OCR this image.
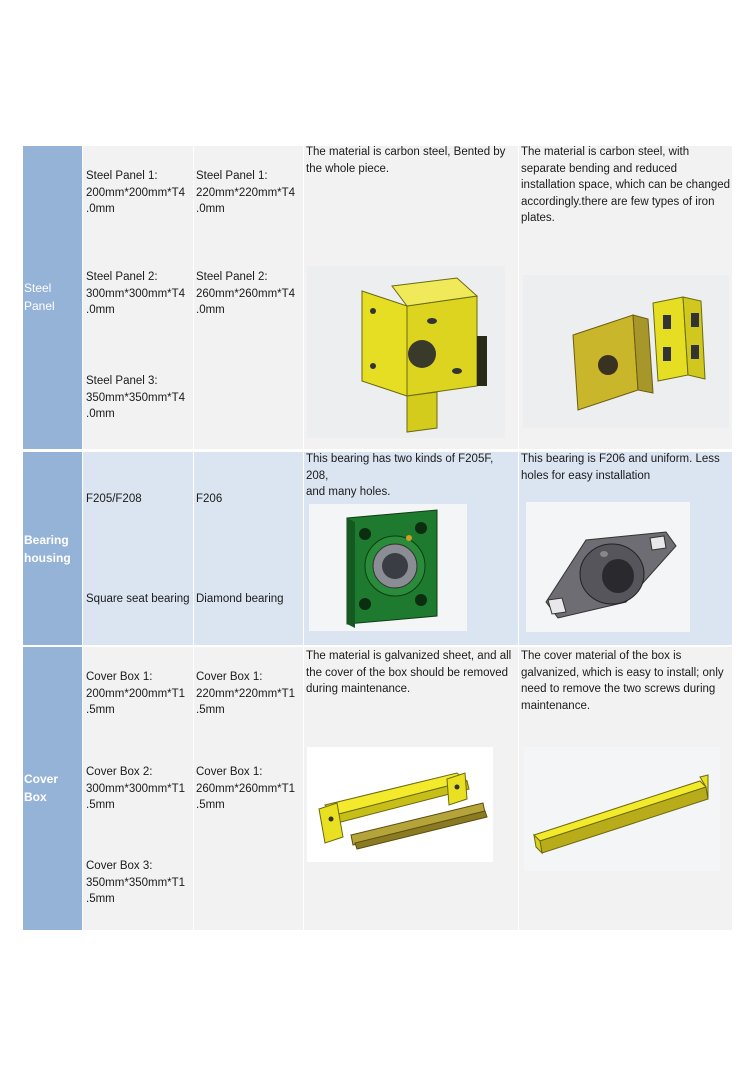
Steel
Panel
Steel Panel 1:
200mm*200mm*T4
.0mm
Steel Panel 2:
300mm*300mm*T4
.0mm
Steel Panel 3:
350mm*350mm*T4
.0mm
Steel Panel 1:
220mm*220mm*T4
.0mm
Steel Panel 2:
260mm*260mm*T4
.0mm
The material is carbon steel, Bented by
the whole piece.
The material is carbon steel, with
separate bending and reduced
installation space, which can be changed
accordingly.there are few types of iron
plates.
Bearing
housing
F205/F208
Square seat bearing
F206
Diamond bearing
This bearing has two kinds of F205F, 208,
and many holes.
This bearing is F206 and uniform. Less
holes for easy installation
Cover
Box
Cover Box 1:
200mm*200mm*T1
.5mm
Cover Box 2:
300mm*300mm*T1
.5mm
Cover Box 3:
350mm*350mm*T1
.5mm
Cover Box 1:
220mm*220mm*T1
.5mm
Cover Box 1:
260mm*260mm*T1
.5mm
The material is galvanized sheet, and all
the cover of the box should be removed
during maintenance.
The cover material of the box is
galvanized, which is easy to install; only
need to remove the two screws during
maintenance.
